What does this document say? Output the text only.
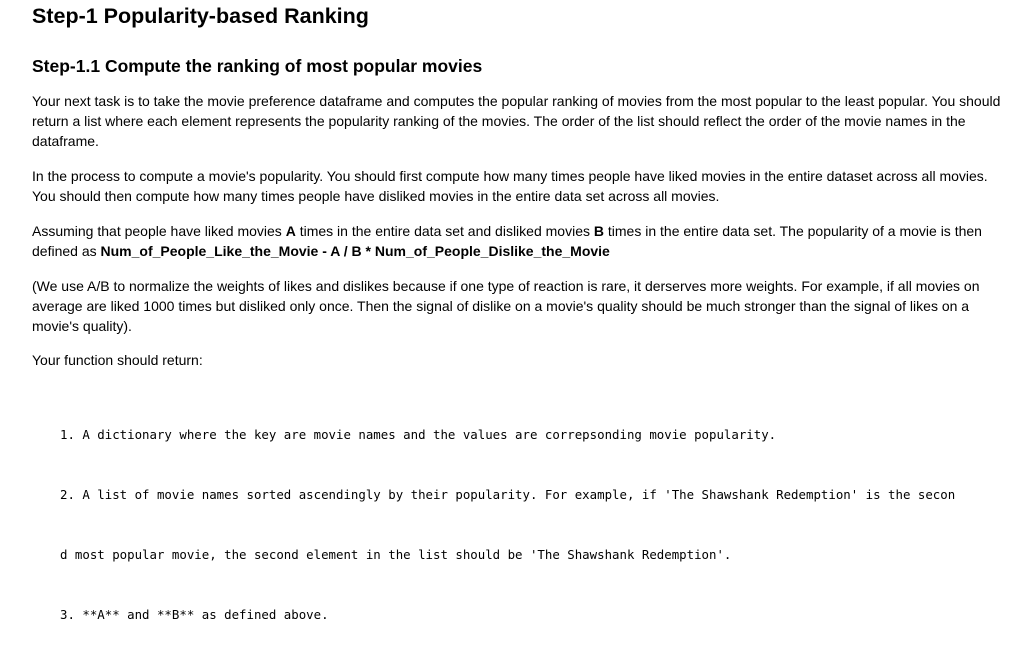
Step-1 Popularity-based Ranking
Step-1.1 Compute the ranking of most popular movies

Your next task is to take the movie preference dataframe and computes the popular ranking of movies from the most popular to the least popular. You should
return a list where each element represents the popularity ranking of the movies. The order of the list should reflect the order of the movie names in the
dataframe.

In the process to compute a movie's popularity. You should first compute how many times people have liked movies in the entire dataset across all movies.
You should then compute how many times people have disliked movies in the entire data set across all movies.

Assuming that people have liked movies A times in the entire data set and disliked movies B times in the entire data set. The popularity of a movie is then
defined as Num_of_People_Like_the_Movie - A / B * Num_of_People_Dislike_the_Movie

(We use A/B to normalize the weights of likes and dislikes because if one type of reaction is rare, it derserves more weights. For example, if all movies on
average are liked 1000 times but disliked only once. Then the signal of dislike on a movie's quality should be much stronger than the signal of likes on a
movie's quality).

Your function should return:

1. A dictionary where the key are movie names and the values are correpsonding movie popularity.

2. A list of movie names sorted ascendingly by their popularity. For example, if 'The Shawshank Redemption' is the secon

d most popular movie, the second element in the list should be 'The Shawshank Redemption'.

3. **A** and **B** as defined above.
